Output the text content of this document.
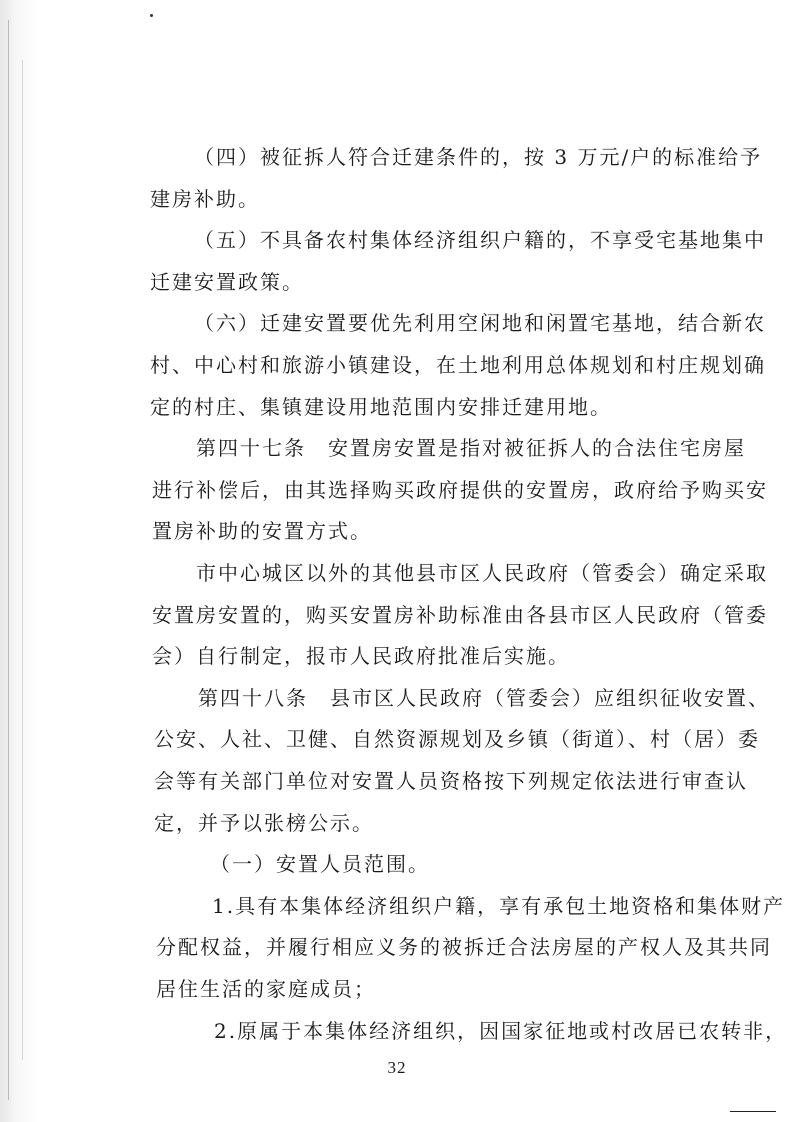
（四）被征拆人符合迁建条件的，按 3 万元/户的标准给予
建房补助。
（五）不具备农村集体经济组织户籍的，不享受宅基地集中
迁建安置政策。
（六）迁建安置要优先利用空闲地和闲置宅基地，结合新农
村、中心村和旅游小镇建设，在土地利用总体规划和村庄规划确
定的村庄、集镇建设用地范围内安排迁建用地。
第四十七条　安置房安置是指对被征拆人的合法住宅房屋
进行补偿后，由其选择购买政府提供的安置房，政府给予购买安
置房补助的安置方式。
市中心城区以外的其他县市区人民政府（管委会）确定采取
安置房安置的，购买安置房补助标准由各县市区人民政府（管委
会）自行制定，报市人民政府批准后实施。
第四十八条　县市区人民政府（管委会）应组织征收安置、
公安、人社、卫健、自然资源规划及乡镇（街道）、村（居）委
会等有关部门单位对安置人员资格按下列规定依法进行审查认
定，并予以张榜公示。
（一）安置人员范围。
1.具有本集体经济组织户籍，享有承包土地资格和集体财产
分配权益，并履行相应义务的被拆迁合法房屋的产权人及其共同
居住生活的家庭成员；
2.原属于本集体经济组织，因国家征地或村改居已农转非，
32
